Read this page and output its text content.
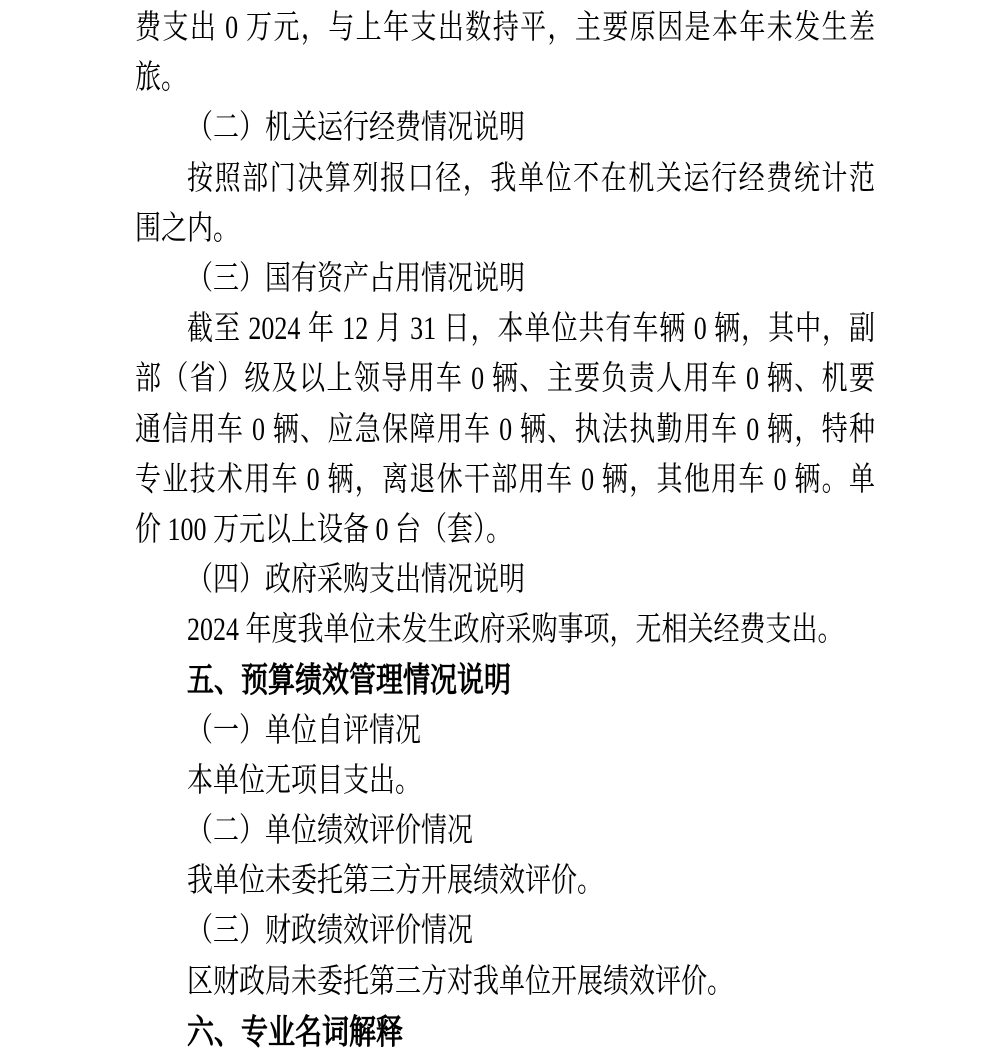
费支出 0 万元，与上年支出数持平，主要原因是本年未发生差
旅。
（二）机关运行经费情况说明
按照部门决算列报口径，我单位不在机关运行经费统计范
围之内。
（三）国有资产占用情况说明
截至 2024 年 12 月 31 日，本单位共有车辆 0 辆，其中，副
部（省）级及以上领导用车 0 辆、主要负责人用车 0 辆、机要
通信用车 0 辆、应急保障用车 0 辆、执法执勤用车 0 辆，特种
专业技术用车 0 辆，离退休干部用车 0 辆，其他用车 0 辆。单
价 100 万元以上设备 0 台（套）。
（四）政府采购支出情况说明
2024 年度我单位未发生政府采购事项，无相关经费支出。
五、预算绩效管理情况说明
（一）单位自评情况
本单位无项目支出。
（二）单位绩效评价情况
我单位未委托第三方开展绩效评价。
（三）财政绩效评价情况
区财政局未委托第三方对我单位开展绩效评价。
六、专业名词解释
